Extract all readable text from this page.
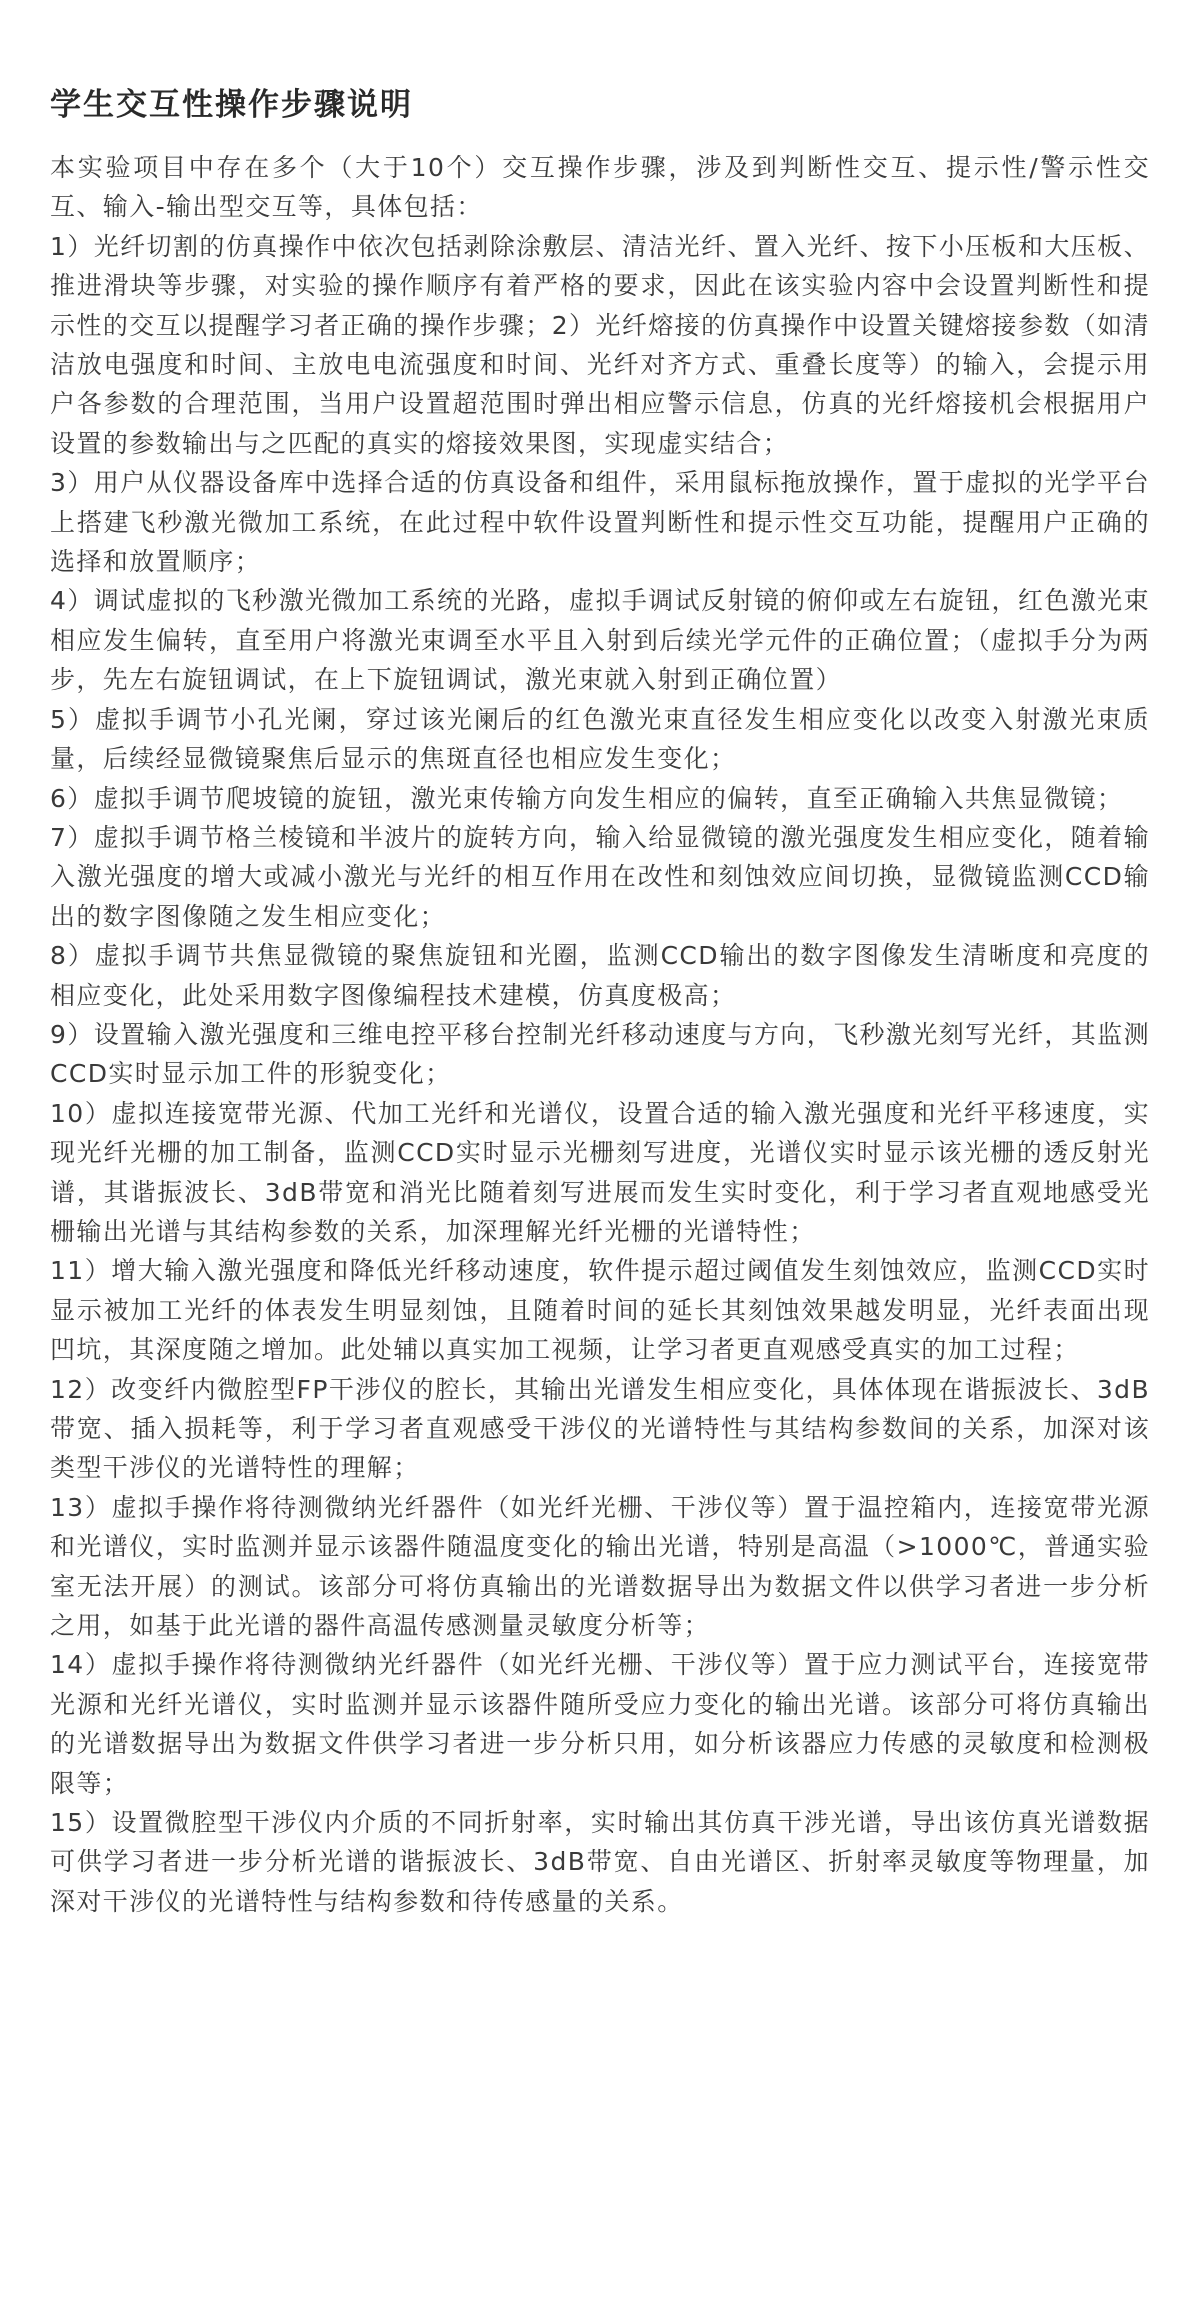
学生交互性操作步骤说明

本实验项目中存在多个（大于10个）交互操作步骤，涉及到判断性交互、提示性/警示性交互、输入-输出型交互等，具体包括：

1）光纤切割的仿真操作中依次包括剥除涂敷层、清洁光纤、置入光纤、按下小压板和大压板、推进滑块等步骤，对实验的操作顺序有着严格的要求，因此在该实验内容中会设置判断性和提示性的交互以提醒学习者正确的操作步骤；2）光纤熔接的仿真操作中设置关键熔接参数（如清洁放电强度和时间、主放电电流强度和时间、光纤对齐方式、重叠长度等）的输入，会提示用户各参数的合理范围，当用户设置超范围时弹出相应警示信息，仿真的光纤熔接机会根据用户设置的参数输出与之匹配的真实的熔接效果图，实现虚实结合；

3）用户从仪器设备库中选择合适的仿真设备和组件，采用鼠标拖放操作，置于虚拟的光学平台上搭建飞秒激光微加工系统，在此过程中软件设置判断性和提示性交互功能，提醒用户正确的选择和放置顺序；

4）调试虚拟的飞秒激光微加工系统的光路，虚拟手调试反射镜的俯仰或左右旋钮，红色激光束相应发生偏转，直至用户将激光束调至水平且入射到后续光学元件的正确位置；（虚拟手分为两步，先左右旋钮调试，在上下旋钮调试，激光束就入射到正确位置）

5）虚拟手调节小孔光阑，穿过该光阑后的红色激光束直径发生相应变化以改变入射激光束质量，后续经显微镜聚焦后显示的焦斑直径也相应发生变化；

6）虚拟手调节爬坡镜的旋钮，激光束传输方向发生相应的偏转，直至正确输入共焦显微镜；

7）虚拟手调节格兰棱镜和半波片的旋转方向，输入给显微镜的激光强度发生相应变化，随着输入激光强度的增大或减小激光与光纤的相互作用在改性和刻蚀效应间切换，显微镜监测CCD输出的数字图像随之发生相应变化；

8）虚拟手调节共焦显微镜的聚焦旋钮和光圈，监测CCD输出的数字图像发生清晰度和亮度的相应变化，此处采用数字图像编程技术建模，仿真度极高；

9）设置输入激光强度和三维电控平移台控制光纤移动速度与方向，飞秒激光刻写光纤，其监测CCD实时显示加工件的形貌变化；

10）虚拟连接宽带光源、代加工光纤和光谱仪，设置合适的输入激光强度和光纤平移速度，实现光纤光栅的加工制备，监测CCD实时显示光栅刻写进度，光谱仪实时显示该光栅的透反射光谱，其谐振波长、3dB带宽和消光比随着刻写进展而发生实时变化，利于学习者直观地感受光栅输出光谱与其结构参数的关系，加深理解光纤光栅的光谱特性；

11）增大输入激光强度和降低光纤移动速度，软件提示超过阈值发生刻蚀效应，监测CCD实时显示被加工光纤的体表发生明显刻蚀，且随着时间的延长其刻蚀效果越发明显，光纤表面出现凹坑，其深度随之增加。此处辅以真实加工视频，让学习者更直观感受真实的加工过程；

12）改变纤内微腔型FP干涉仪的腔长，其输出光谱发生相应变化，具体体现在谐振波长、3dB带宽、插入损耗等，利于学习者直观感受干涉仪的光谱特性与其结构参数间的关系，加深对该类型干涉仪的光谱特性的理解；

13）虚拟手操作将待测微纳光纤器件（如光纤光栅、干涉仪等）置于温控箱内，连接宽带光源和光谱仪，实时监测并显示该器件随温度变化的输出光谱，特别是高温（>1000℃，普通实验室无法开展）的测试。该部分可将仿真输出的光谱数据导出为数据文件以供学习者进一步分析之用，如基于此光谱的器件高温传感测量灵敏度分析等；

14）虚拟手操作将待测微纳光纤器件（如光纤光栅、干涉仪等）置于应力测试平台，连接宽带光源和光纤光谱仪，实时监测并显示该器件随所受应力变化的输出光谱。该部分可将仿真输出的光谱数据导出为数据文件供学习者进一步分析只用，如分析该器应力传感的灵敏度和检测极限等；

15）设置微腔型干涉仪内介质的不同折射率，实时输出其仿真干涉光谱，导出该仿真光谱数据可供学习者进一步分析光谱的谐振波长、3dB带宽、自由光谱区、折射率灵敏度等物理量，加深对干涉仪的光谱特性与结构参数和待传感量的关系。
